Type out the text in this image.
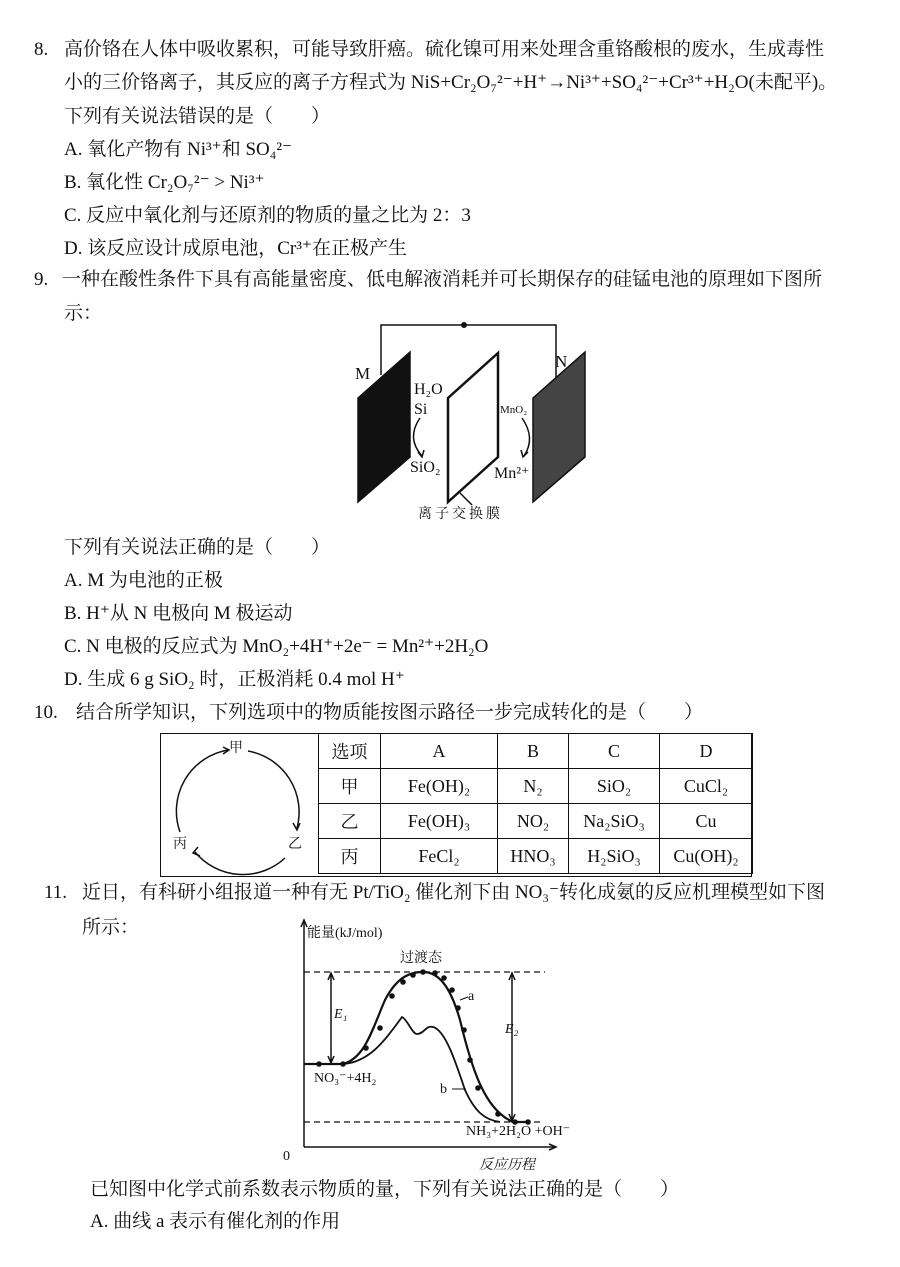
8. 高价铬在人体中吸收累积，可能导致肝癌。硫化镍可用来处理含重铬酸根的废水，生成毒性
小的三价铬离子，其反应的离子方程式为 NiS+Cr₂O₇²⁻+H⁺→Ni³⁺+SO₄²⁻+Cr³⁺+H₂O(未配平)。
下列有关说法错误的是（　　）
A. 氧化产物有 Ni³⁺和 SO₄²⁻
B. 氧化性 Cr₂O₇²⁻ > Ni³⁺
C. 反应中氧化剂与还原剂的物质的量之比为 2：3
D. 该反应设计成原电池，Cr³⁺在正极产生
9. 一种在酸性条件下具有高能量密度、低电解液消耗并可长期保存的硅锰电池的原理如下图所
示：
M
N
H₂O
Si
SiO₂
MnO₂
Mn²⁺
离子交换膜
下列有关说法正确的是（　　）
A. M 为电池的正极
B. H⁺从 N 电极向 M 极运动
C. N 电极的反应式为 MnO₂+4H⁺+2e⁻ = Mn²⁺+2H₂O
D. 生成 6 g SiO₂ 时，正极消耗 0.4 mol H⁺
10. 结合所学知识，下列选项中的物质能按图示路径一步完成转化的是（　　）
甲
乙
丙
选项	A	B	C	D
甲	Fe(OH)₂	N₂	SiO₂	CuCl₂
乙	Fe(OH)₃	NO₂	Na₂SiO₃	Cu
丙	FeCl₂	HNO₃	H₂SiO₃	Cu(OH)₂
11. 近日，有科研小组报道一种有无 Pt/TiO₂ 催化剂下由 NO₃⁻转化成氨的反应机理模型如下图
所示：	能量(kJ/mol)
过渡态
a
b
E₁
E₂
NO₃⁻+4H₂
NH₃+2H₂O +OH⁻
0
反应历程
已知图中化学式前系数表示物质的量，下列有关说法正确的是（　　）
A. 曲线 a 表示有催化剂的作用
